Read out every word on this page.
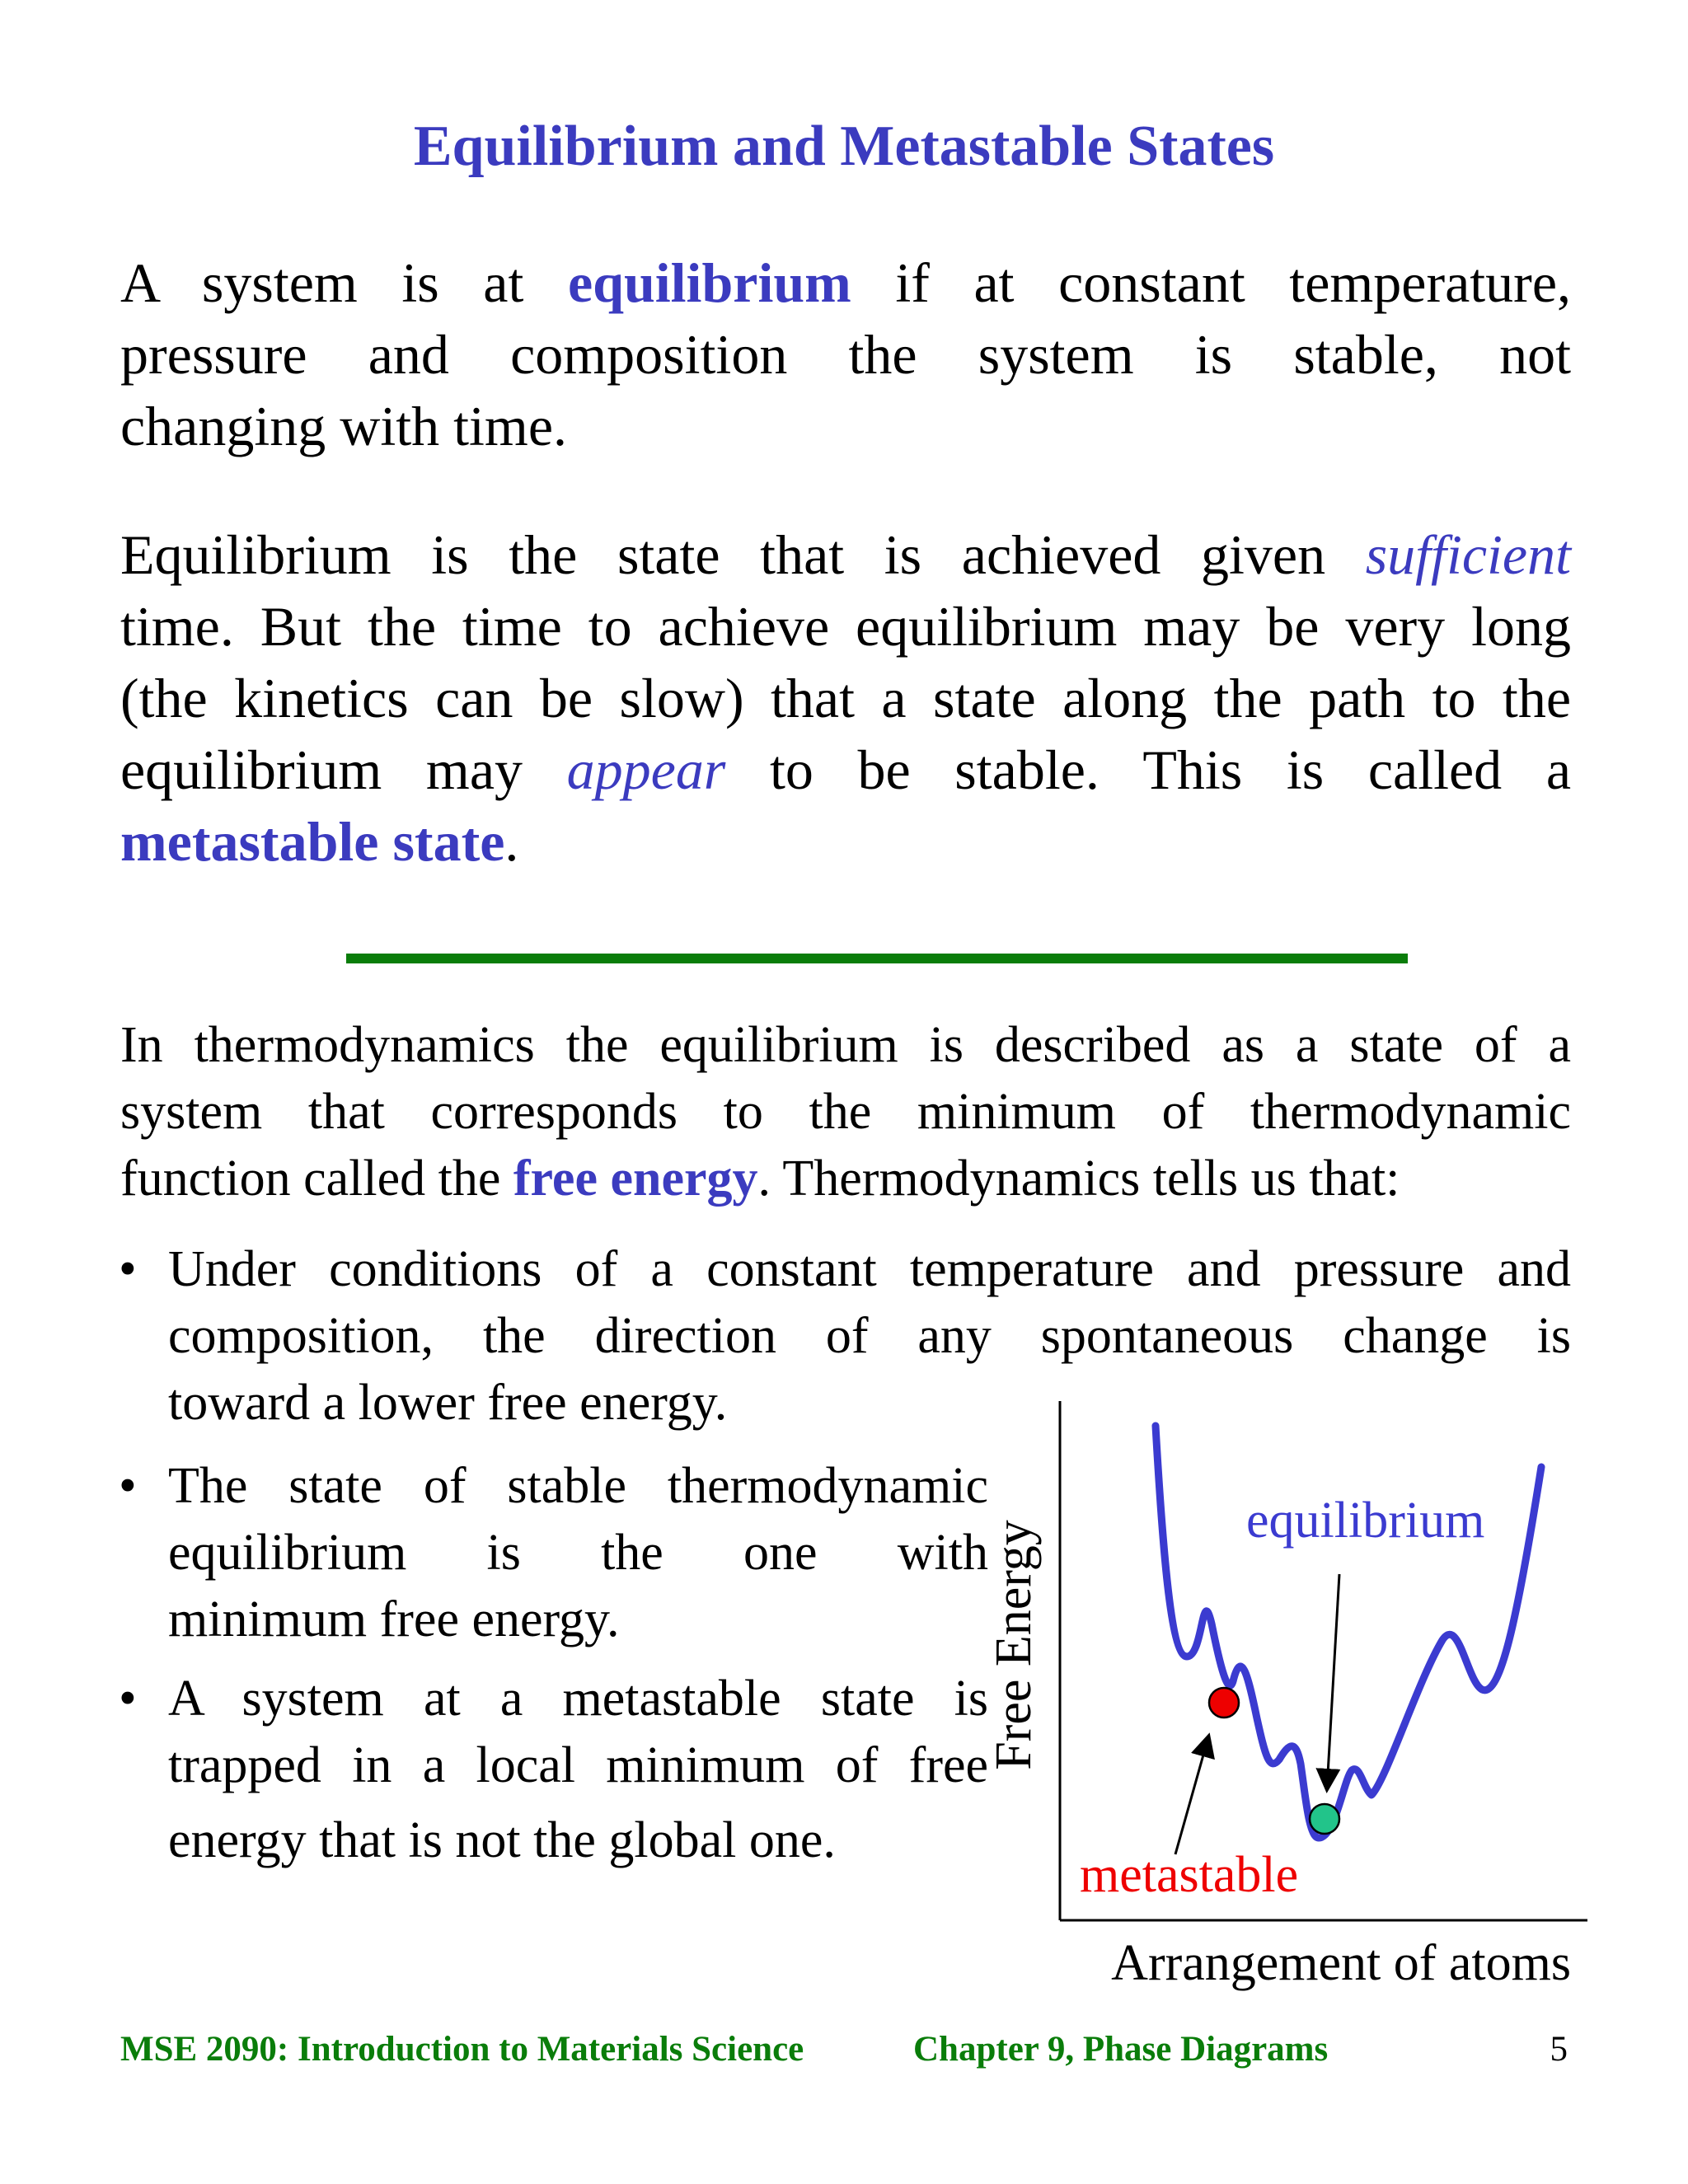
Equilibrium and Metastable States
A system is at equilibrium if at constant temperature,
pressure and composition the system is stable, not
changing with time.
Equilibrium is the state that is achieved given sufficient
time. But the time to achieve equilibrium may be very long
(the kinetics can be slow) that a state along the path to the
equilibrium may appear to be stable. This is called a
metastable state.
In thermodynamics the equilibrium is described as a state of a
system that corresponds to the minimum of thermodynamic
function called the free energy. Thermodynamics tells us that:
• Under conditions of a constant temperature and pressure and
composition, the direction of any spontaneous change is
toward a lower free energy.
• The state of stable thermodynamic
equilibrium is the one with
minimum free energy.
• A system at a metastable state is
trapped in a local minimum of free
energy that is not the global one.
Free Energy	equilibrium
metastable
Arrangement of atoms
MSE 2090: Introduction to Materials Science	Chapter 9, Phase Diagrams	5
